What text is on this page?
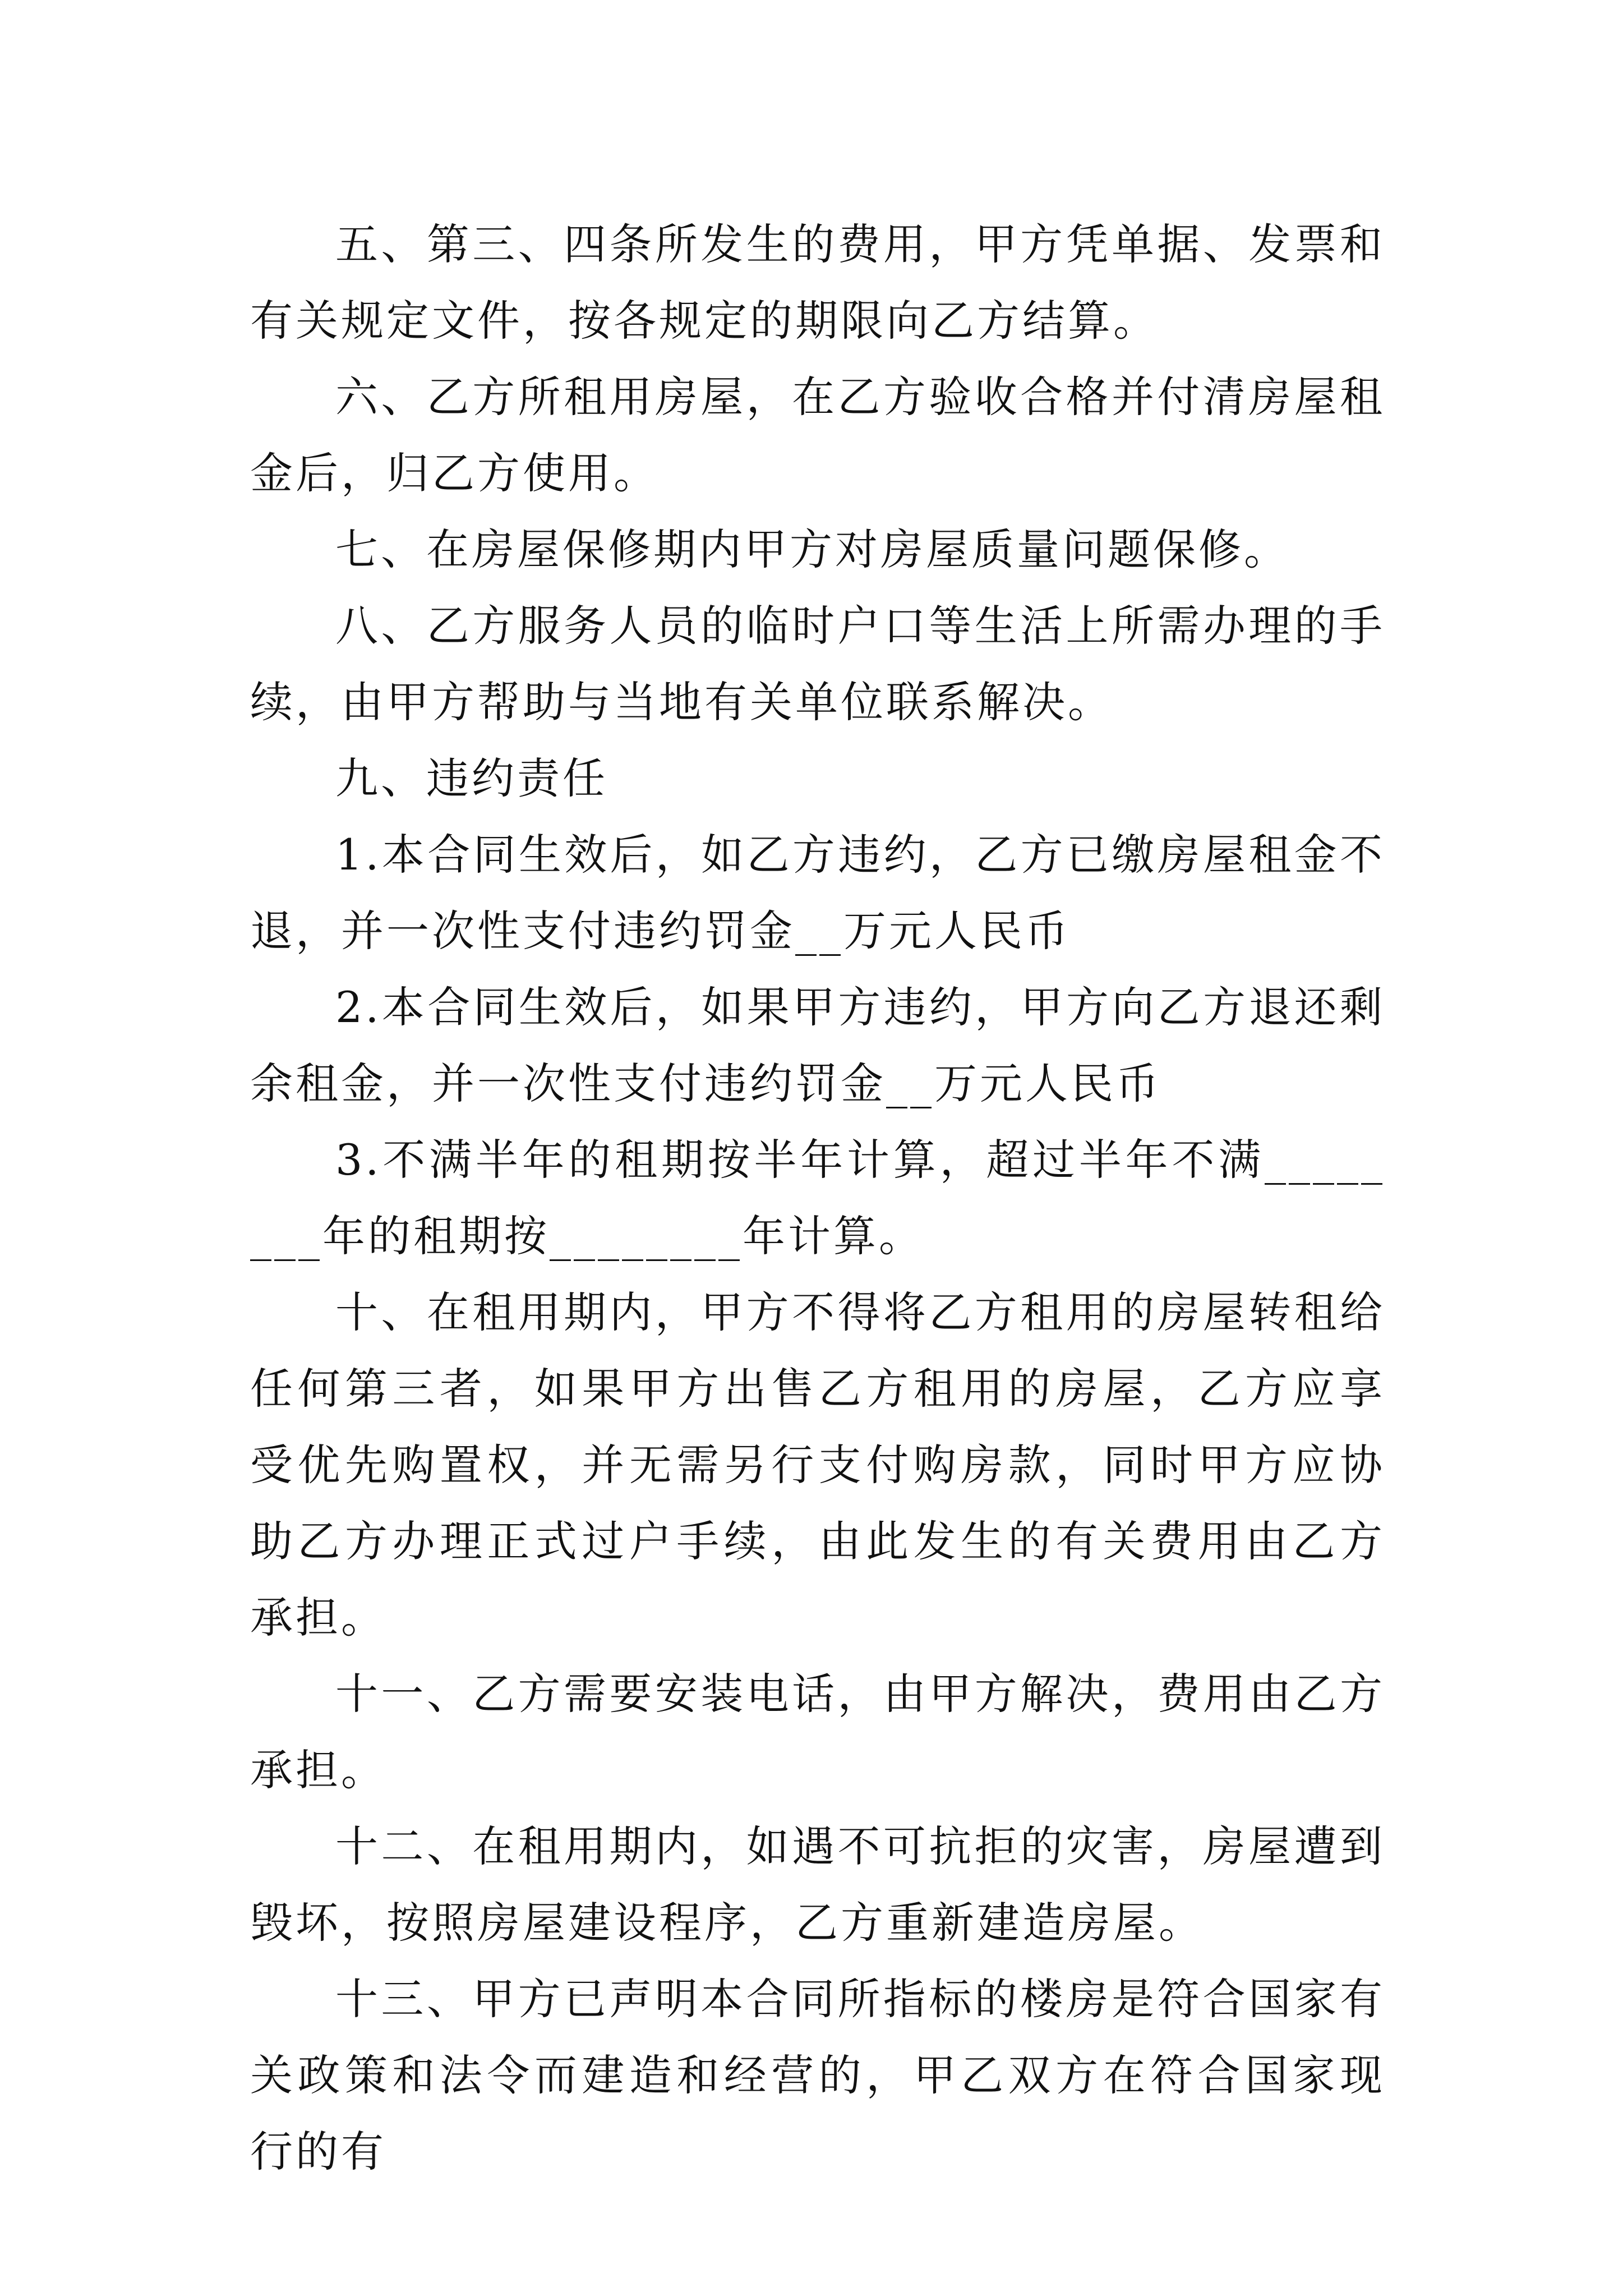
五、第三、四条所发生的费用，甲方凭单据、发票和有关规定文件，按各规定的期限向乙方结算。

六、乙方所租用房屋，在乙方验收合格并付清房屋租金后，归乙方使用。

七、在房屋保修期内甲方对房屋质量问题保修。

八、乙方服务人员的临时户口等生活上所需办理的手续，由甲方帮助与当地有关单位联系解决。

九、违约责任

1.本合同生效后，如乙方违约，乙方已缴房屋租金不退，并一次性支付违约罚金__万元人民币

2.本合同生效后，如果甲方违约，甲方向乙方退还剩余租金，并一次性支付违约罚金__万元人民币

3.不满半年的租期按半年计算，超过半年不满________年的租期按________年计算。

十、在租用期内，甲方不得将乙方租用的房屋转租给任何第三者，如果甲方出售乙方租用的房屋，乙方应享受优先购置权，并无需另行支付购房款，同时甲方应协助乙方办理正式过户手续，由此发生的有关费用由乙方承担。

十一、乙方需要安装电话，由甲方解决，费用由乙方承担。

十二、在租用期内，如遇不可抗拒的灾害，房屋遭到毁坏，按照房屋建设程序，乙方重新建造房屋。

十三、甲方已声明本合同所指标的楼房是符合国家有关政策和法令而建造和经营的，甲乙双方在符合国家现行的有
